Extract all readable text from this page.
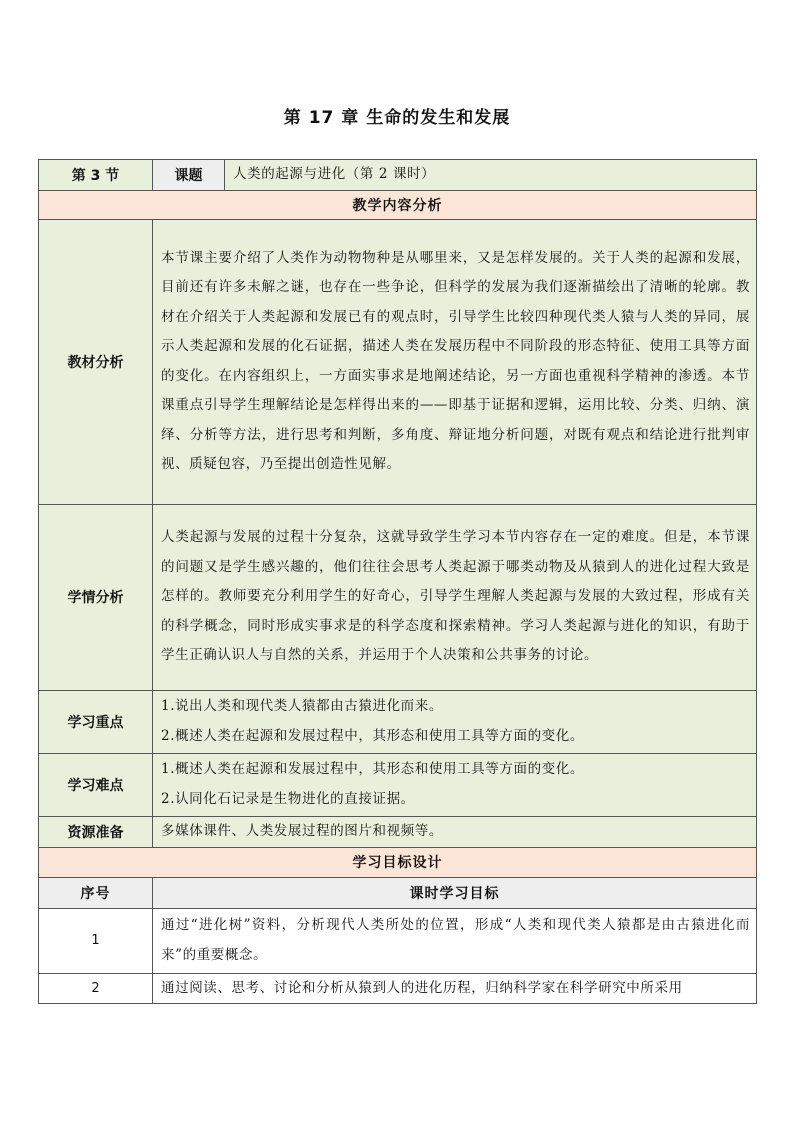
第 17 章 生命的发生和发展
第 3 节	课题	人类的起源与进化（第 2 课时）
教学内容分析		
教材分析	本节课主要介绍了人类作为动物物种是从哪里来，又是怎样发展的。关于人类的起源和发展，目前还有许多未解之谜，也存在一些争论，但科学的发展为我们逐渐描绘出了清晰的轮廓。教材在介绍关于人类起源和发展已有的观点时，引导学生比较四种现代类人猿与人类的异同，展示人类起源和发展的化石证据，描述人类在发展历程中不同阶段的形态特征、使用工具等方面的变化。在内容组织上，一方面实事求是地阐述结论，另一方面也重视科学精神的渗透。本节课重点引导学生理解结论是怎样得出来的——即基于证据和逻辑，运用比较、分类、归纳、演绎、分析等方法，进行思考和判断，多角度、辩证地分析问题，对既有观点和结论进行批判审视、质疑包容，乃至提出创造性见解。	
学情分析	人类起源与发展的过程十分复杂，这就导致学生学习本节内容存在一定的难度。但是，本节课的问题又是学生感兴趣的，他们往往会思考人类起源于哪类动物及从猿到人的进化过程大致是怎样的。教师要充分利用学生的好奇心，引导学生理解人类起源与发展的大致过程，形成有关的科学概念，同时形成实事求是的科学态度和探索精神。学习人类起源与进化的知识，有助于学生正确认识人与自然的关系，并运用于个人决策和公共事务的讨论。	
学习重点	1.说出人类和现代类人猿都由古猿进化而来。

2.概述人类在起源和发展过程中，其形态和使用工具等方面的变化。	

学习难点	1.概述人类在起源和发展过程中，其形态和使用工具等方面的变化。

2.认同化石记录是生物进化的直接证据。	

资源准备	多媒体课件、人类发展过程的图片和视频等。	
学习目标设计		
序号	课时学习目标	
1	通过“进化树”资料，分析现代人类所处的位置，形成“人类和现代类人猿都是由古猿进化而来”的重要概念。	
2	通过阅读、思考、讨论和分析从猿到人的进化历程，归纳科学家在科学研究中所采用	
